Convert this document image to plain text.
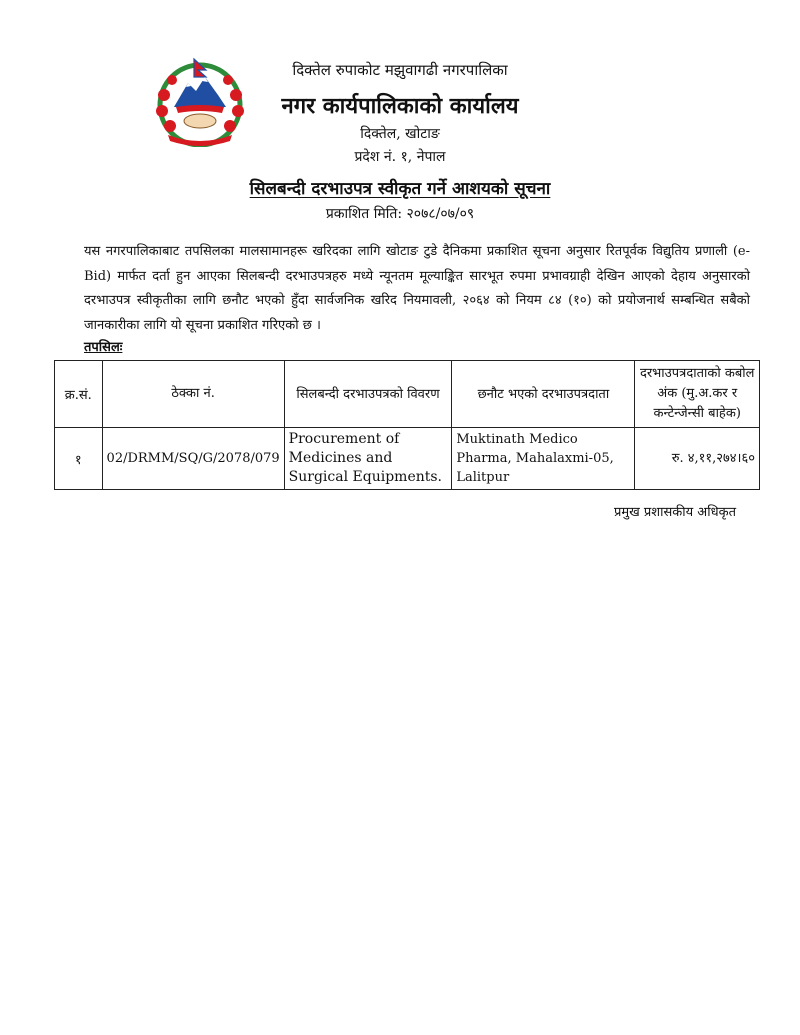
दिक्तेल रुपाकोट मझुवागढी नगरपालिका
नगर कार्यपालिकाको कार्यालय
दिक्तेल, खोटाङ
प्रदेश नं. १, नेपाल
सिलबन्दी दरभाउपत्र स्वीकृत गर्ने आशयको सूचना
प्रकाशित मिति: २०७८/०७/०९

यस नगरपालिकाबाट तपसिलका मालसामानहरू खरिदका लागि खोटाङ टुडे दैनिकमा प्रकाशित सूचना अनुसार रितपूर्वक विद्युतिय प्रणाली (e-Bid) मार्फत दर्ता हुन आएका सिलबन्दी दरभाउपत्रहरु मध्ये न्यूनतम मूल्याङ्कित सारभूत रुपमा प्रभावग्राही देखिन आएको देहाय अनुसारको दरभाउपत्र स्वीकृतीका लागि छनौट भएको हुँदा सार्वजनिक खरिद नियमावली, २०६४ को नियम ८४ (१०) को प्रयोजनार्थ सम्बन्धित सबैको जानकारीका लागि यो सूचना प्रकाशित गरिएको छ ।

तपसिलः
क्र.सं.	ठेक्का नं.	सिलबन्दी दरभाउपत्रको विवरण	छनौट भएको दरभाउपत्रदाता	दरभाउपत्रदाताको कबोल अंक (मु.अ.कर र कन्टेन्जेन्सी बाहेक)
१	02/DRMM/SQ/G/2078/079	Procurement of Medicines and Surgical Equipments.	Muktinath Medico Pharma, Mahalaxmi-05, Lalitpur	रु. ४,११,२७४।६०
प्रमुख प्रशासकीय अधिकृत
